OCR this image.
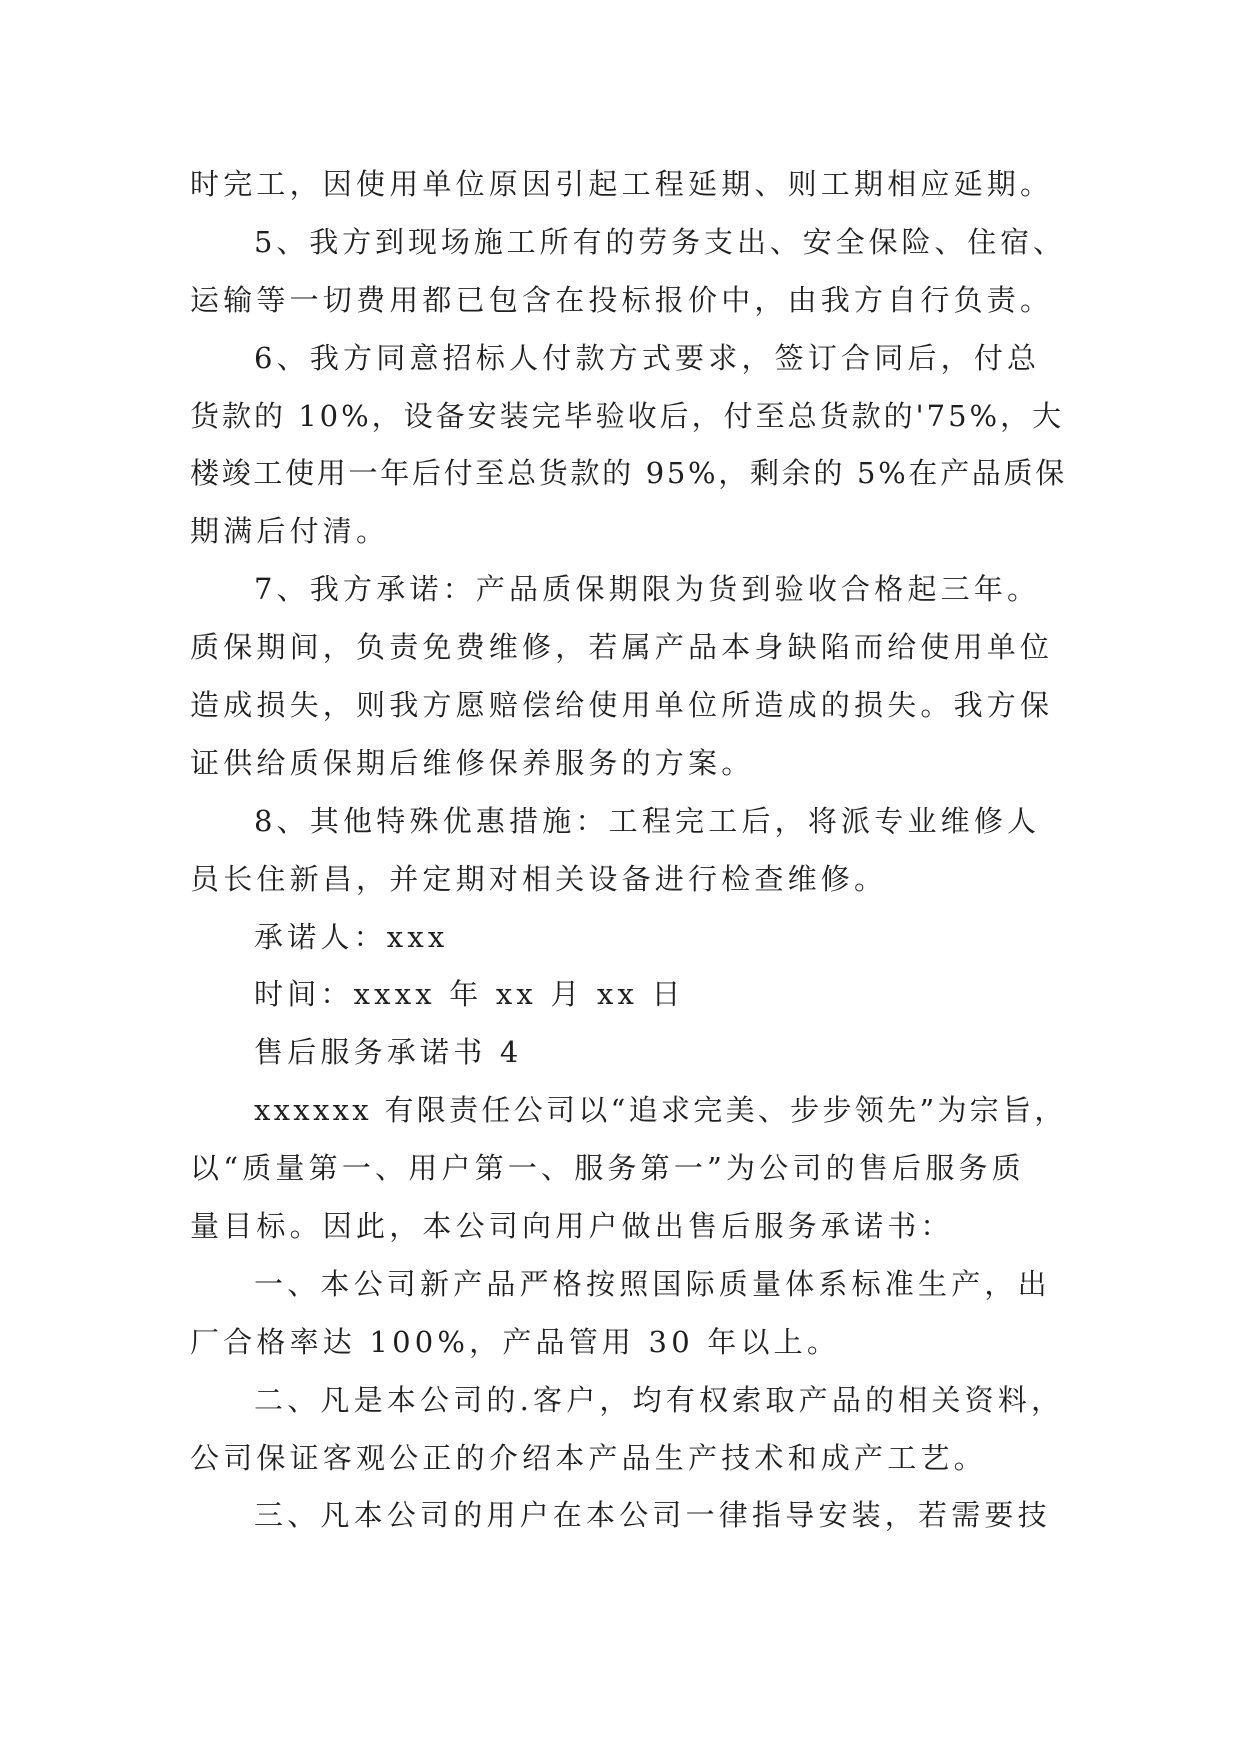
时完工，因使用单位原因引起工程延期、则工期相应延期。
5、我方到现场施工所有的劳务支出、安全保险、住宿、
运输等一切费用都已包含在投标报价中，由我方自行负责。
6、我方同意招标人付款方式要求，签订合同后，付总
货款的 10%，设备安装完毕验收后，付至总货款的'75%，大
楼竣工使用一年后付至总货款的 95%，剩余的 5%在产品质保
期满后付清。
7、我方承诺：产品质保期限为货到验收合格起三年。
质保期间，负责免费维修，若属产品本身缺陷而给使用单位
造成损失，则我方愿赔偿给使用单位所造成的损失。我方保
证供给质保期后维修保养服务的方案。
8、其他特殊优惠措施：工程完工后，将派专业维修人
员长住新昌，并定期对相关设备进行检查维修。
承诺人：xxx
时间：xxxx 年 xx 月 xx 日
售后服务承诺书 4
xxxxxx 有限责任公司以“追求完美、步步领先”为宗旨，
以“质量第一、用户第一、服务第一”为公司的售后服务质
量目标。因此，本公司向用户做出售后服务承诺书：
一、本公司新产品严格按照国际质量体系标准生产，出
厂合格率达 100%，产品管用 30 年以上。
二、凡是本公司的.客户，均有权索取产品的相关资料，
公司保证客观公正的介绍本产品生产技术和成产工艺。
三、凡本公司的用户在本公司一律指导安装，若需要技
